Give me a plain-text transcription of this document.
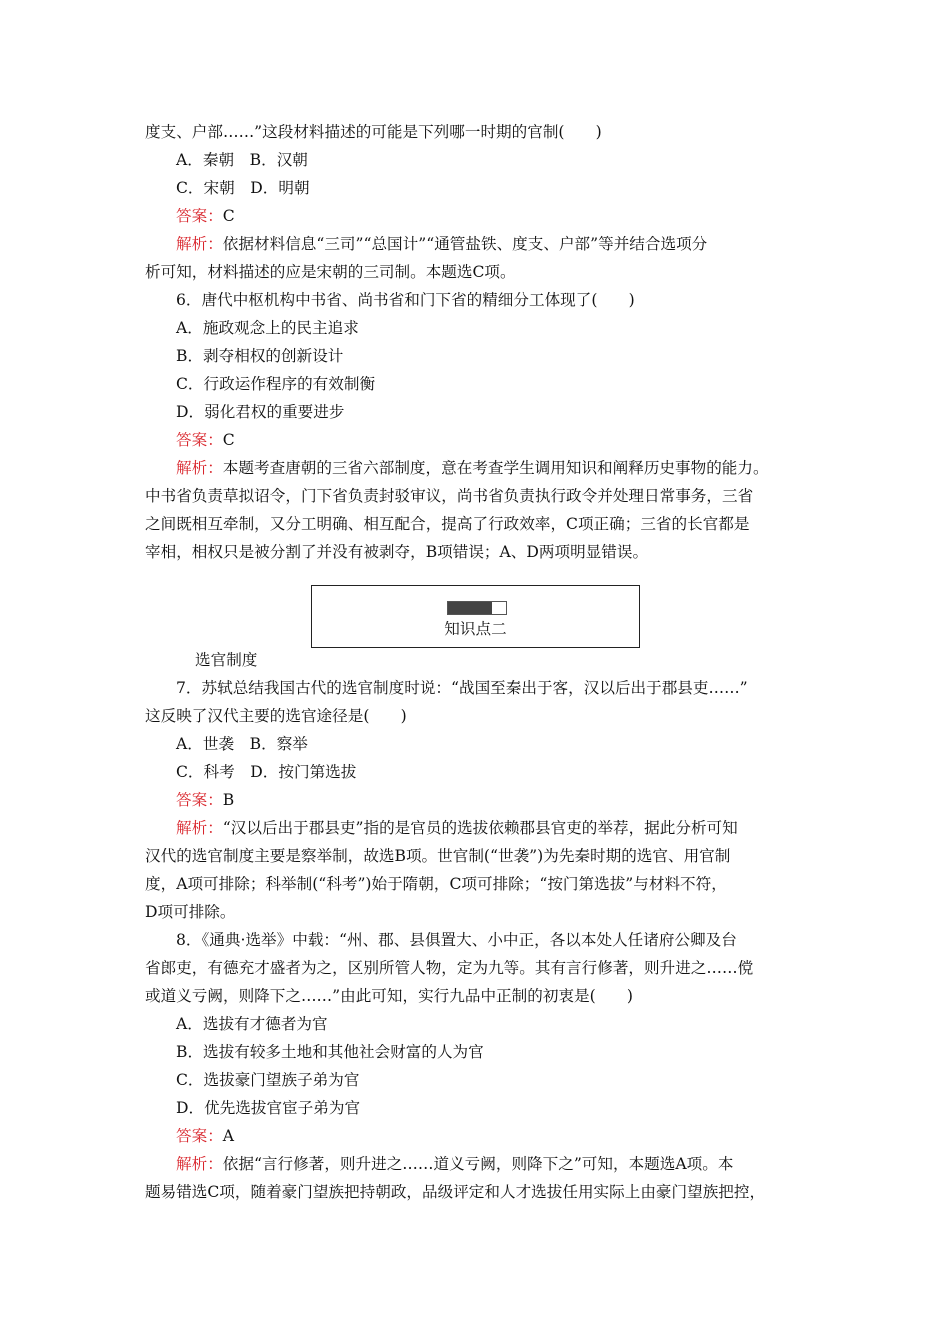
度支、户部……”这段材料描述的可能是下列哪一时期的官制(　　)
A．秦朝　B．汉朝
C．宋朝　D．明朝
答案：C
解析：依据材料信息“三司”“总国计”“通管盐铁、度支、户部”等并结合选项分
析可知，材料描述的应是宋朝的三司制。本题选C项。
6．唐代中枢机构中书省、尚书省和门下省的精细分工体现了(　　)
A．施政观念上的民主追求
B．剥夺相权的创新设计
C．行政运作程序的有效制衡
D．弱化君权的重要进步
答案：C
解析：本题考查唐朝的三省六部制度，意在考查学生调用知识和阐释历史事物的能力。
中书省负责草拟诏令，门下省负责封驳审议，尚书省负责执行政令并处理日常事务，三省
之间既相互牵制，又分工明确、相互配合，提高了行政效率，C项正确；三省的长官都是
宰相，相权只是被分割了并没有被剥夺，B项错误；A、D两项明显错误。
知识点二
选官制度
7．苏轼总结我国古代的选官制度时说：“战国至秦出于客，汉以后出于郡县吏……”
这反映了汉代主要的选官途径是(　　)
A．世袭　B．察举
C．科考　D．按门第选拔
答案：B
解析：“汉以后出于郡县吏”指的是官员的选拔依赖郡县官吏的举荐，据此分析可知
汉代的选官制度主要是察举制，故选B项。世官制(“世袭”)为先秦时期的选官、用官制
度，A项可排除；科举制(“科考”)始于隋朝，C项可排除；“按门第选拔”与材料不符，
D项可排除。
8．《通典·选举》中载：“州、郡、县俱置大、小中正，各以本处人任诸府公卿及台
省郎吏，有德充才盛者为之，区别所管人物，定为九等。其有言行修著，则升进之……傥
或道义亏阙，则降下之……”由此可知，实行九品中正制的初衷是(　　)
A．选拔有才德者为官
B．选拔有较多土地和其他社会财富的人为官
C．选拔豪门望族子弟为官
D．优先选拔官宦子弟为官
答案：A
解析：依据“言行修著，则升进之……道义亏阙，则降下之”可知，本题选A项。本
题易错选C项，随着豪门望族把持朝政，品级评定和人才选拔任用实际上由豪门望族把控，
